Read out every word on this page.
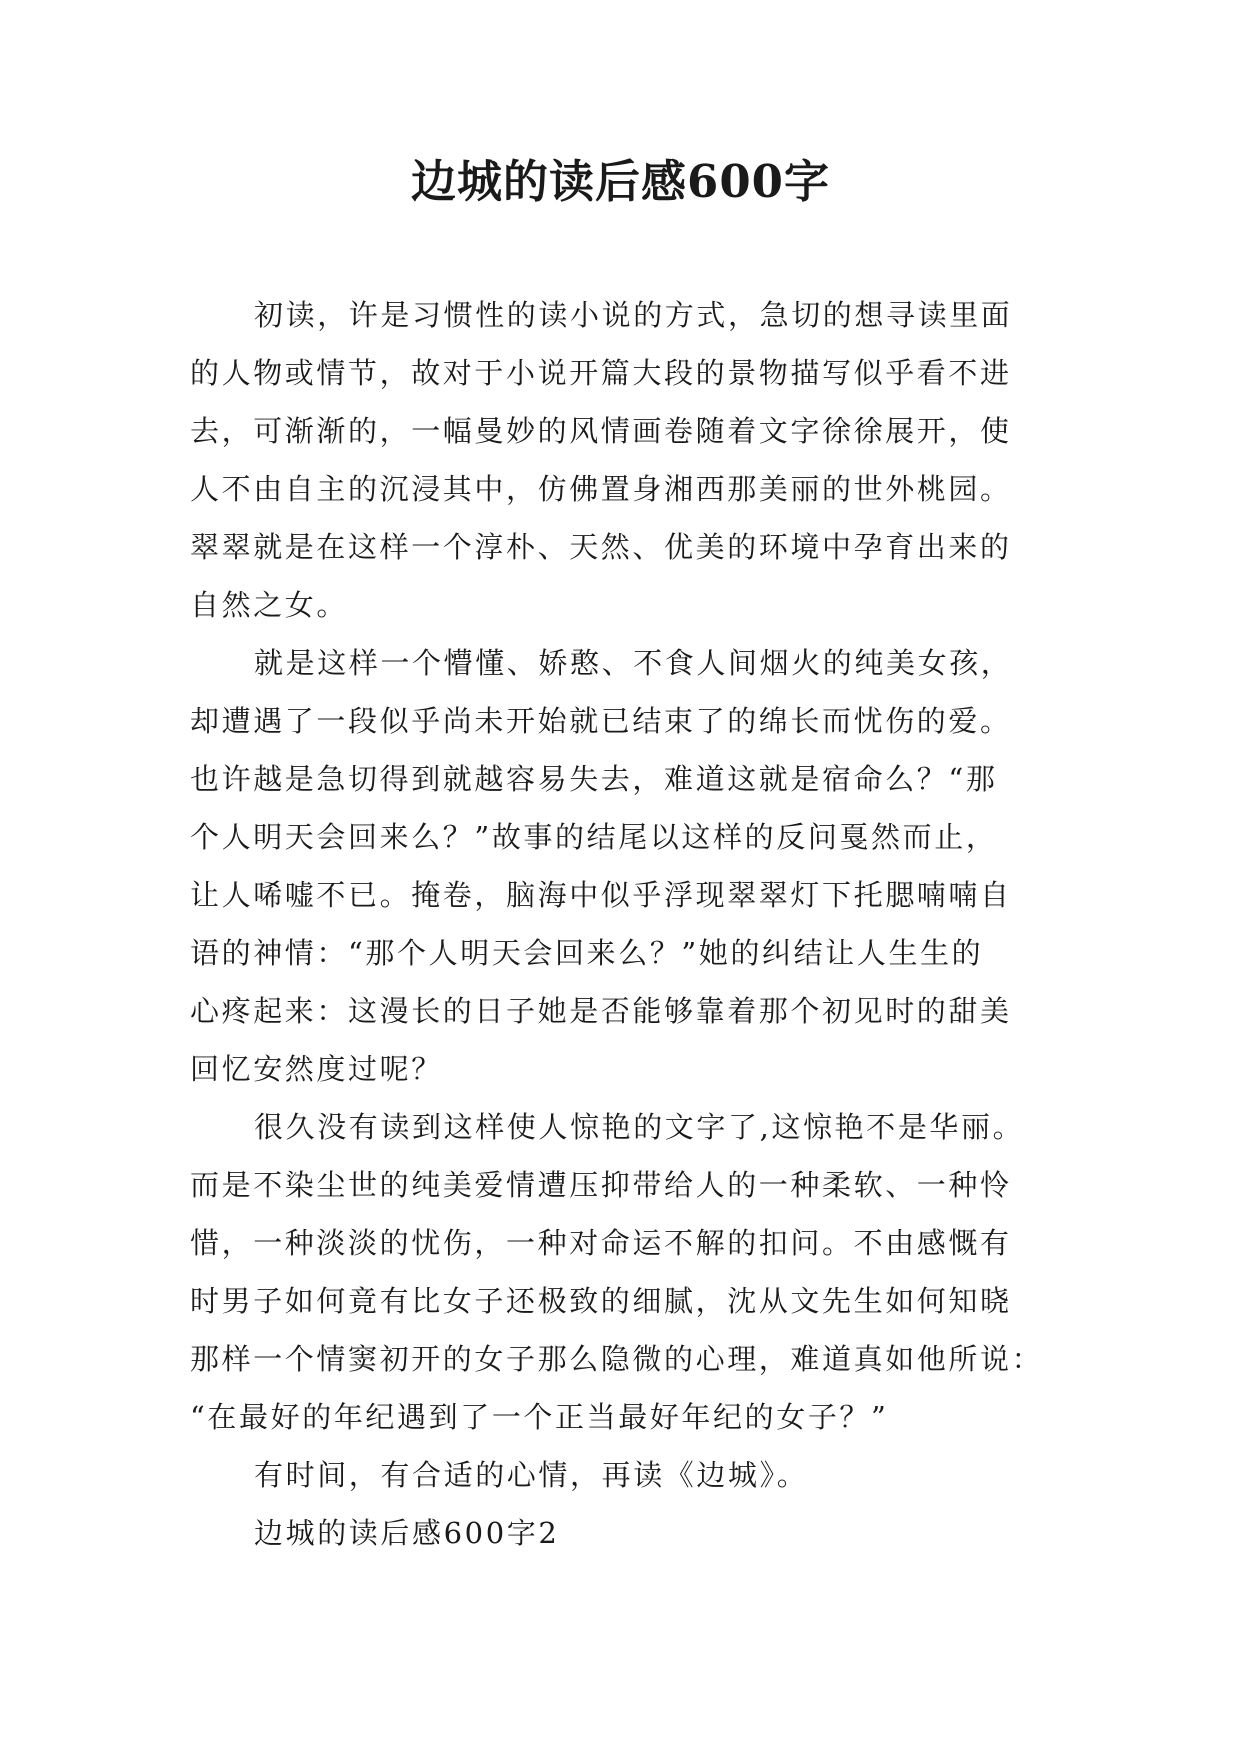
边城的读后感600字

初读，许是习惯性的读小说的方式，急切的想寻读里面
的人物或情节，故对于小说开篇大段的景物描写似乎看不进
去，可渐渐的，一幅曼妙的风情画卷随着文字徐徐展开，使
人不由自主的沉浸其中，仿佛置身湘西那美丽的世外桃园。
翠翠就是在这样一个淳朴、天然、优美的环境中孕育出来的
自然之女。

就是这样一个懵懂、娇憨、不食人间烟火的纯美女孩，
却遭遇了一段似乎尚未开始就已结束了的绵长而忧伤的爱。
也许越是急切得到就越容易失去，难道这就是宿命么？“那
个人明天会回来么？”故事的结尾以这样的反问戛然而止，
让人唏嘘不已。掩卷，脑海中似乎浮现翠翠灯下托腮喃喃自
语的神情：“那个人明天会回来么？”她的纠结让人生生的
心疼起来：这漫长的日子她是否能够靠着那个初见时的甜美
回忆安然度过呢？

很久没有读到这样使人惊艳的文字了,这惊艳不是华丽。
而是不染尘世的纯美爱情遭压抑带给人的一种柔软、一种怜
惜，一种淡淡的忧伤，一种对命运不解的扣问。不由感慨有
时男子如何竟有比女子还极致的细腻，沈从文先生如何知晓
那样一个情窦初开的女子那么隐微的心理，难道真如他所说：
“在最好的年纪遇到了一个正当最好年纪的女子？”

有时间，有合适的心情，再读《边城》。

边城的读后感600字2
